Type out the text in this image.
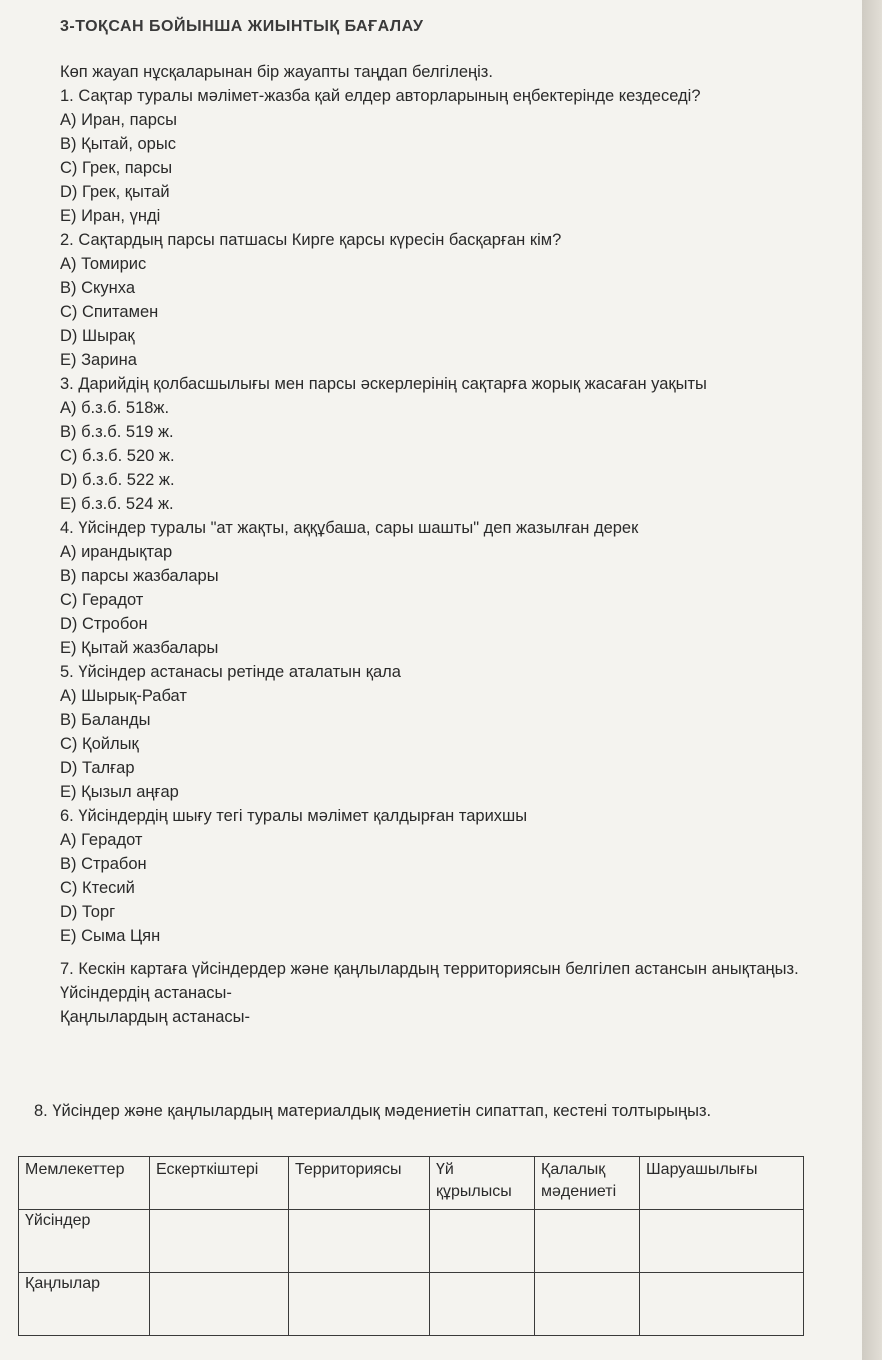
3-ТОҚСАН БОЙЫНША ЖИЫНТЫҚ БАҒАЛАУ
Көп жауап нұсқаларынан бір жауапты таңдап белгілеңіз.
1. Сақтар туралы мәлімет-жазба қай елдер авторларының еңбектерінде кездеседі?
A) Иран, парсы
B) Қытай, орыс
C) Грек, парсы
D) Грек, қытай
E) Иран, үнді
2. Сақтардың парсы патшасы Кирге қарсы күресін басқарған кім?
A) Томирис
B) Скунха
C) Спитамен
D) Шырақ
E) Зарина
3. Дарийдің қолбасшылығы мен парсы әскерлерінің сақтарға жорық жасаған уақыты
A) б.з.б. 518ж.
B) б.з.б. 519 ж.
C) б.з.б. 520 ж.
D) б.з.б. 522 ж.
E) б.з.б. 524 ж.
4. Үйсіндер туралы "ат жақты, аққұбаша, сары шашты" деп жазылған дерек
A) ирандықтар
B) парсы жазбалары
C) Герадот
D) Стробон
E) Қытай жазбалары
5. Үйсіндер астанасы ретінде аталатын қала
A) Шырық-Рабат
B) Баланды
C) Қойлық
D) Талғар
E) Қызыл аңғар
6. Үйсіндердің шығу тегі туралы мәлімет қалдырған тарихшы
A) Герадот
B) Страбон
C) Ктесий
D) Торг
E) Сыма Цян
7. Кескін картаға үйсіндердер және қаңлылардың территориясын белгілеп астансын анықтаңыз.
Үйсіндердің астанасы-
Қаңлылардың астанасы-
8. Үйсіндер және қаңлылардың материалдық мәдениетін сипаттап, кестені толтырыңыз.
Мемлекеттер	Ескерткіштері	Территориясы	Үй құрылысы	Қалалық мәдениеті	Шаруашылығы
Үйсіндер					
Қаңлылар					
